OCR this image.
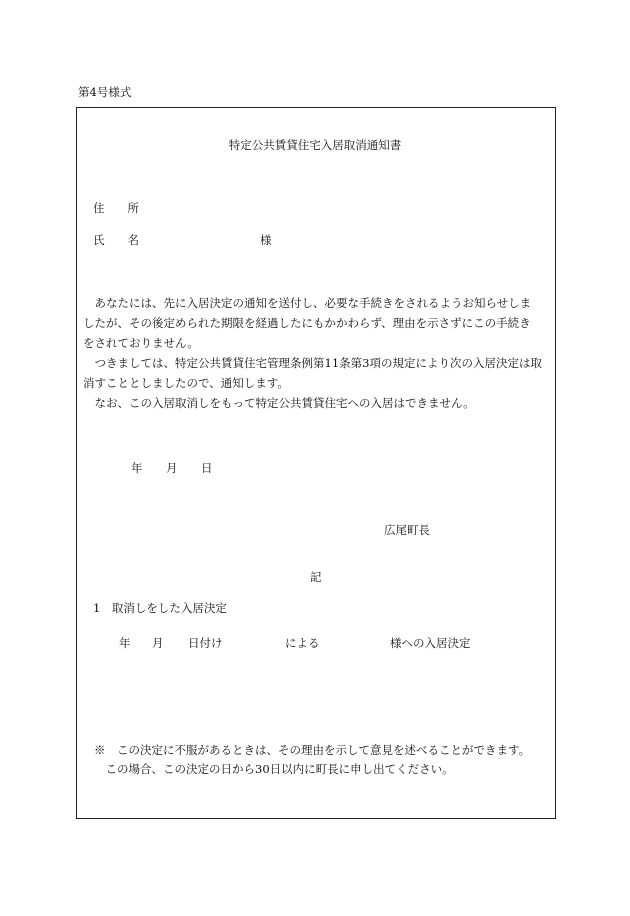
第4号様式
特定公共賃貸住宅入居取消通知書
住　　所
氏　　名	様

　あなたには、先に入居決定の通知を送付し、必要な手続きをされるようお知らせしま

したが、その後定められた期限を経過したにもかかわらず、理由を示さずにこの手続き

をされておりません。

　つきましては、特定公共賃貸住宅管理条例第11条第3項の規定により次の入居決定は取

消すこととしましたので、通知します。

　なお、この入居取消しをもって特定公共賃貸住宅への入居はできません。

年 月 日
広尾町長
記
1　取消しをした入居決定
年 月 日付け	による	様への入居決定

※　この決定に不服があるときは、その理由を示して意見を述べることができます。

　この場合、この決定の日から30日以内に町長に申し出てください。
